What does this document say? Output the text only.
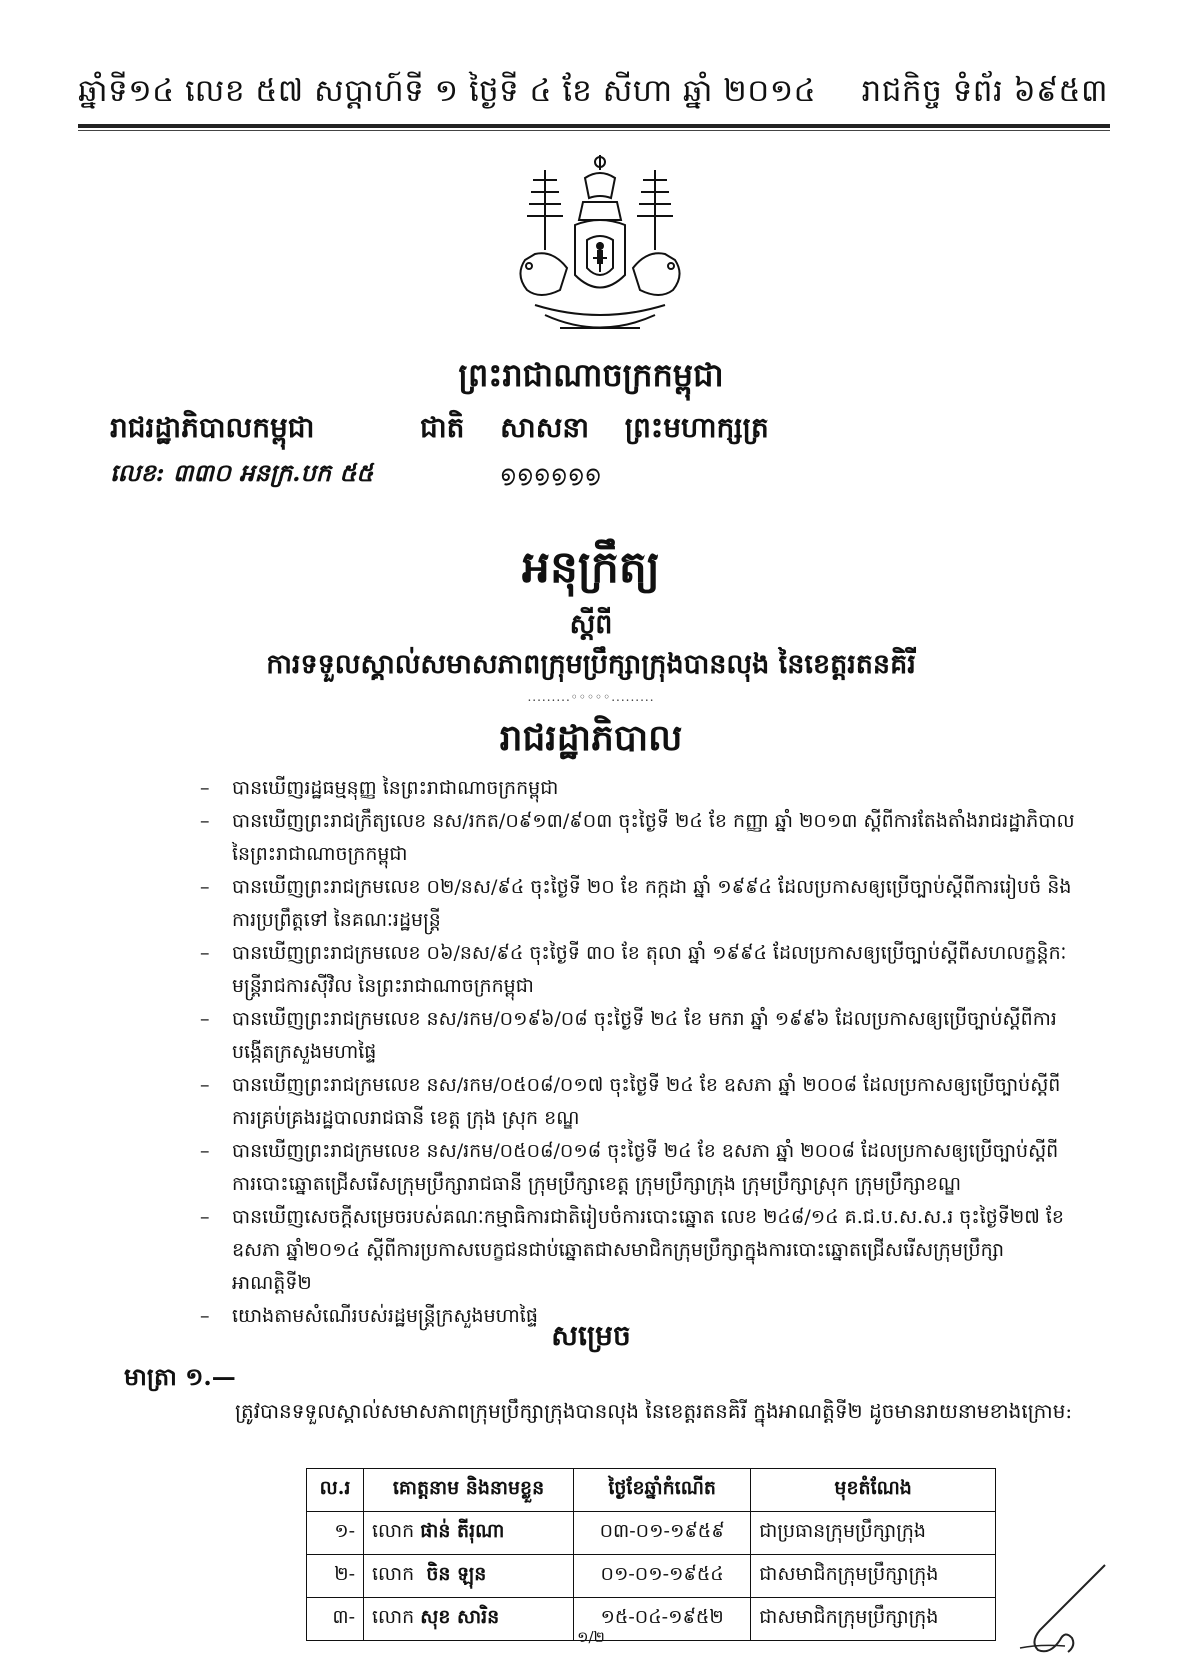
ឆ្នាំទី១៤ លេខ ៥៧ សប្តាហ៍ទី ១ ថ្ងៃទី ៤ ខែ សីហា ឆ្នាំ ២០១៤ រាជកិច្ច ទំព័រ ៦៩៥៣
ព្រះរាជាណាចក្រកម្ពុជា
រាជរដ្ឋាភិបាលកម្ពុជា	ជាតិ សាសនា ព្រះមហាក្សត្រ
លេខ: ៣៣០ អនក្រ.បក ៥៥	൭൭൭൭൭൭
អនុក្រឹត្យ
ស្តីពី
ការទទួលស្គាល់សមាសភាពក្រុមប្រឹក្សាក្រុងបានលុង នៃខេត្តរតនគិរី
.........◦◦◦◦◦.........
រាជរដ្ឋាភិបាល
– បានឃើញរដ្ឋធម្មនុញ្ញ នៃព្រះរាជាណាចក្រកម្ពុជា
– បានឃើញព្រះរាជក្រឹត្យលេខ នស/រកត/០៩១៣/៩០៣ ចុះថ្ងៃទី ២៤ ខែ កញ្ញា ឆ្នាំ ២០១៣ ស្តីពីការតែងតាំងរាជរដ្ឋាភិបាល នៃព្រះរាជាណាចក្រកម្ពុជា
– បានឃើញព្រះរាជក្រមលេខ ០២/នស/៩៤ ចុះថ្ងៃទី ២០ ខែ កក្កដា ឆ្នាំ ១៩៩៤ ដែលប្រកាសឲ្យប្រើច្បាប់ស្តីពីការរៀបចំ និងការប្រព្រឹត្តទៅ នៃគណៈរដ្ឋមន្ត្រី
– បានឃើញព្រះរាជក្រមលេខ ០៦/នស/៩៤ ចុះថ្ងៃទី ៣០ ខែ តុលា ឆ្នាំ ១៩៩៤ ដែលប្រកាសឲ្យប្រើច្បាប់ស្តីពីសហលក្ខន្តិកៈមន្ត្រីរាជការស៊ីវិល នៃព្រះរាជាណាចក្រកម្ពុជា
– បានឃើញព្រះរាជក្រមលេខ នស/រកម/០១៩៦/០៨ ចុះថ្ងៃទី ២៤ ខែ មករា ឆ្នាំ ១៩៩៦ ដែលប្រកាសឲ្យប្រើច្បាប់ស្តីពីការបង្កើតក្រសួងមហាផ្ទៃ
– បានឃើញព្រះរាជក្រមលេខ នស/រកម/០៥០៨/០១៧ ចុះថ្ងៃទី ២៤ ខែ ឧសភា ឆ្នាំ ២០០៨ ដែលប្រកាសឲ្យប្រើច្បាប់ស្តីពីការគ្រប់គ្រងរដ្ឋបាលរាជធានី ខេត្ត ក្រុង ស្រុក ខណ្ឌ
– បានឃើញព្រះរាជក្រមលេខ នស/រកម/០៥០៨/០១៨ ចុះថ្ងៃទី ២៤ ខែ ឧសភា ឆ្នាំ ២០០៨ ដែលប្រកាសឲ្យប្រើច្បាប់ស្តីពីការបោះឆ្នោតជ្រើសរើសក្រុមប្រឹក្សារាជធានី ក្រុមប្រឹក្សាខេត្ត ក្រុមប្រឹក្សាក្រុង ក្រុមប្រឹក្សាស្រុក ក្រុមប្រឹក្សាខណ្ឌ
– បានឃើញសេចក្តីសម្រេចរបស់គណៈកម្មាធិការជាតិរៀបចំការបោះឆ្នោត លេខ ២៤៨/១៤ គ.ជ.ប.ស.ស.រ ចុះថ្ងៃទី២៧ ខែឧសភា ឆ្នាំ២០១៤ ស្តីពីការប្រកាសបេក្ខជនជាប់ឆ្នោតជាសមាជិកក្រុមប្រឹក្សាក្នុងការបោះឆ្នោតជ្រើសរើសក្រុមប្រឹក្សាអាណត្តិទី២
– យោងតាមសំណើរបស់រដ្ឋមន្ត្រីក្រសួងមហាផ្ទៃ
សម្រេច
មាត្រា ១.—

ត្រូវបានទទួលស្គាល់សមាសភាពក្រុមប្រឹក្សាក្រុងបានលុង នៃខេត្តរតនគិរី ក្នុងអាណត្តិទី២ ដូចមានរាយនាមខាងក្រោម:

ល.រ	គោត្តនាម និងនាមខ្លួន	ថ្ងៃខែឆ្នាំកំណើត	មុខតំណែង
១-	លោក ផាន់ តីរុណា	០៣-០១-១៩៥៩	ជាប្រធានក្រុមប្រឹក្សាក្រុង
២-	លោក ចិន ឡុន	០១-០១-១៩៥៤	ជាសមាជិកក្រុមប្រឹក្សាក្រុង
៣-	លោក សុខ សារិន	១៥-០៤-១៩៥២	ជាសមាជិកក្រុមប្រឹក្សាក្រុង
១/២
